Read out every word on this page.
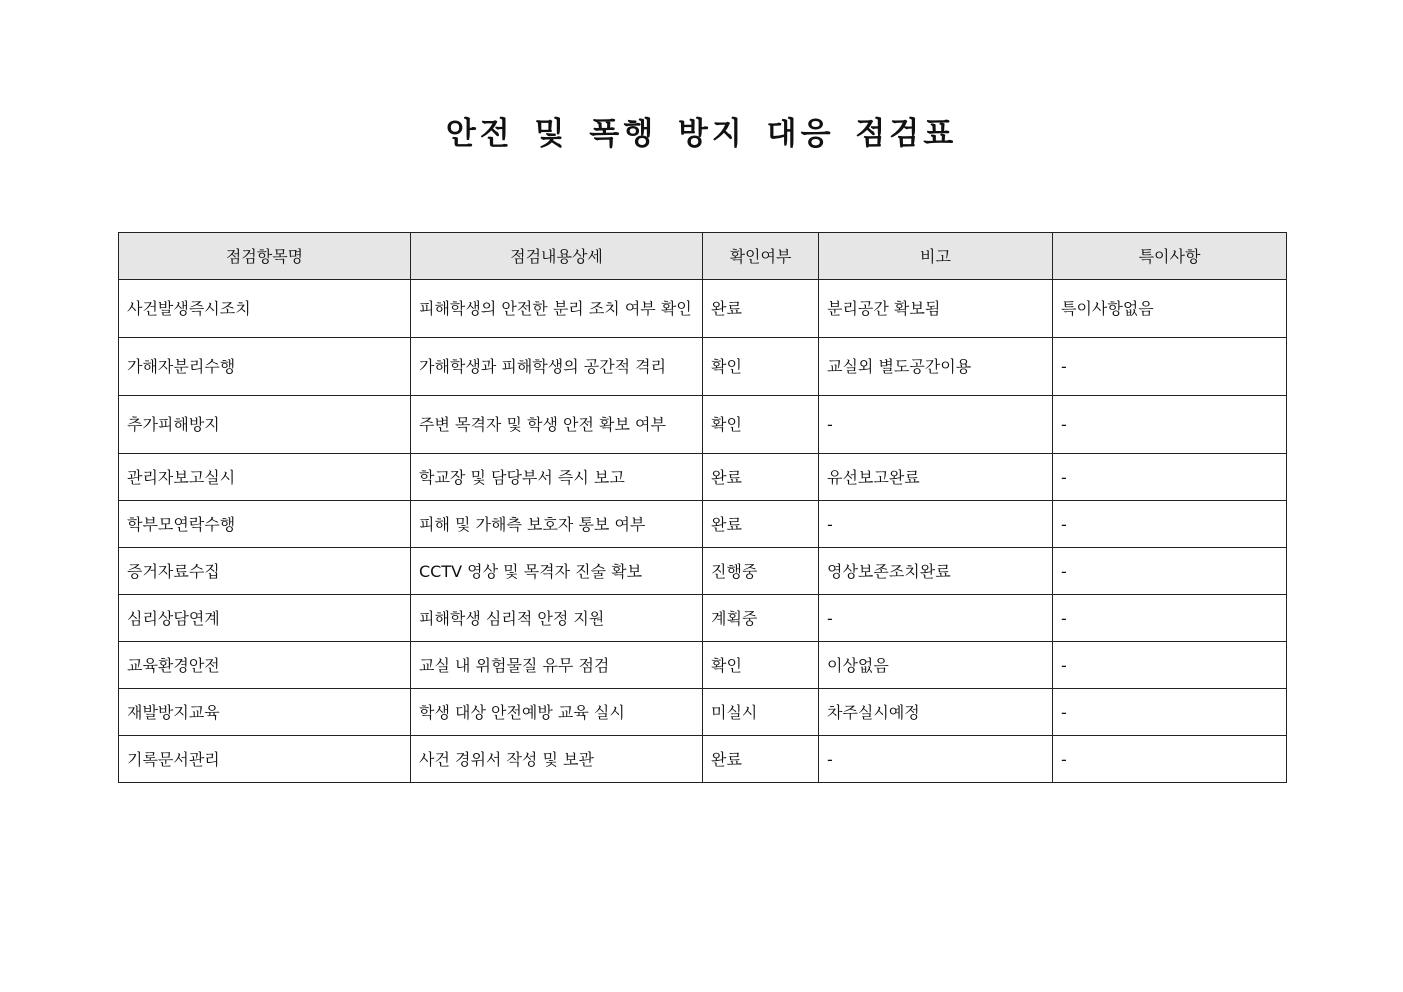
안전 및 폭행 방지 대응 점검표
점검항목명	점검내용상세	확인여부	비고	특이사항
사건발생즉시조치	피해학생의 안전한 분리 조치 여부 확인	완료	분리공간 확보됨	특이사항없음
가해자분리수행	가해학생과 피해학생의 공간적 격리	확인	교실외 별도공간이용	-
추가피해방지	주변 목격자 및 학생 안전 확보 여부	확인	-	-
관리자보고실시	학교장 및 담당부서 즉시 보고	완료	유선보고완료	-
학부모연락수행	피해 및 가해측 보호자 통보 여부	완료	-	-
증거자료수집	CCTV 영상 및 목격자 진술 확보	진행중	영상보존조치완료	-
심리상담연계	피해학생 심리적 안정 지원	계획중	-	-
교육환경안전	교실 내 위험물질 유무 점검	확인	이상없음	-
재발방지교육	학생 대상 안전예방 교육 실시	미실시	차주실시예정	-
기록문서관리	사건 경위서 작성 및 보관	완료	-	-
